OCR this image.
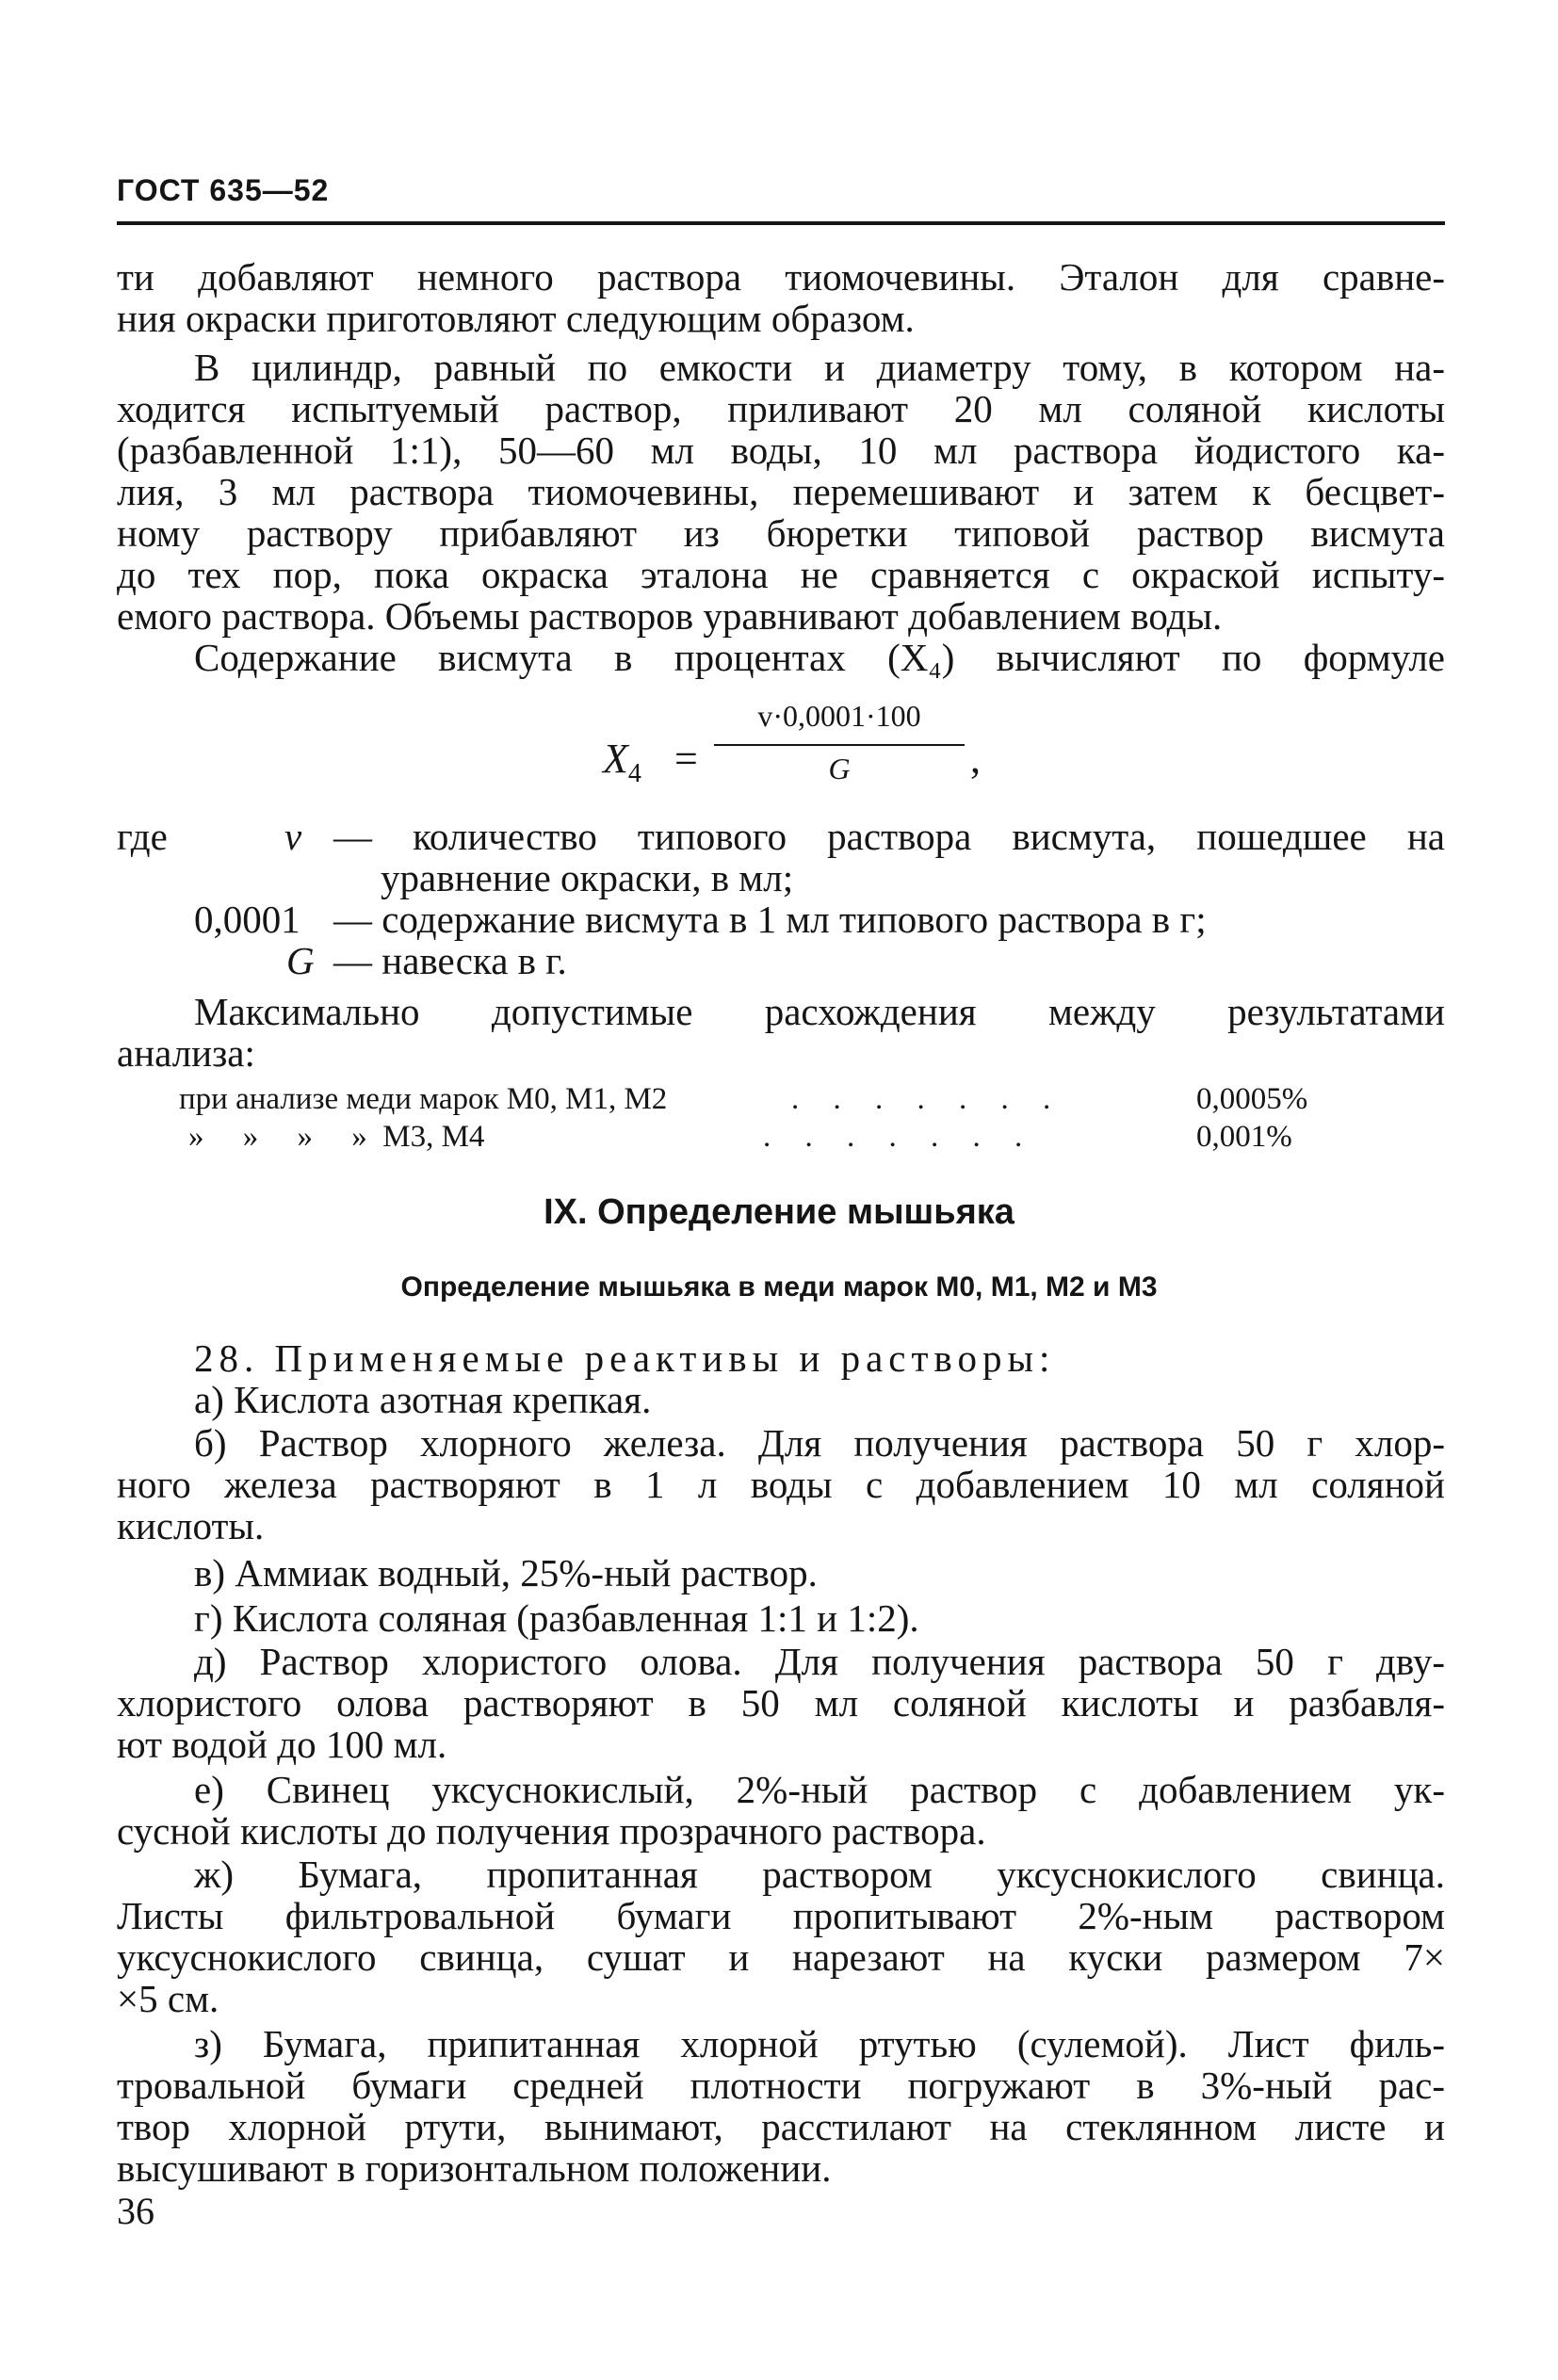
ГОСТ 635—52
ти добавляют немного раствора тиомочевины. Эталон для сравне-
ния окраски приготовляют следующим образом.
В цилиндр, равный по емкости и диаметру тому, в котором на-
ходится испытуемый раствор, приливают 20 мл соляной кислоты
(разбавленной 1:1), 50—60 мл воды, 10 мл раствора йодистого ка-
лия, 3 мл раствора тиомочевины, перемешивают и затем к бесцвет-
ному раствору прибавляют из бюретки типовой раствор висмута
до тех пор, пока окраска эталона не сравняется с окраской испыту-
емого раствора. Объемы растворов уравнивают добавлением воды.
Содержание висмута в процентах (X₄) вычисляют по формуле
$X_4$ =
v·0,0001·100
G	,
где	v — количество типового раствора висмута, пошедшее на
уравнение окраски, в мл;
0,0001 — содержание висмута в 1 мл типового раствора в г;
G — навеска в г.
Максимально допустимые расхождения между результатами
анализа:
при анализе меди марок М0, М1, М2	. . . . . . .	0,0005%
»     »     »     »  М3, М4	. . . . . . .	0,001%
IX. Определение мышьяка
Определение мышьяка в меди марок М0, М1, М2 и М3
28. Применяемые реактивы и растворы:
а) Кислота азотная крепкая.
б) Раствор хлорного железа. Для получения раствора 50 г хлор-
ного железа растворяют в 1 л воды с добавлением 10 мл соляной
кислоты.
в) Аммиак водный, 25%-ный раствор.
г) Кислота соляная (разбавленная 1:1 и 1:2).
д) Раствор хлористого олова. Для получения раствора 50 г дву-
хлористого олова растворяют в 50 мл соляной кислоты и разбавля-
ют водой до 100 мл.
е) Свинец уксуснокислый, 2%-ный раствор с добавлением ук-
сусной кислоты до получения прозрачного раствора.
ж) Бумага, пропитанная раствором уксуснокислого свинца.
Листы фильтровальной бумаги пропитывают 2%-ным раствором
уксуснокислого свинца, сушат и нарезают на куски размером 7×
×5 см.
з) Бумага, припитанная хлорной ртутью (сулемой). Лист филь-
тровальной бумаги средней плотности погружают в 3%-ный рас-
твор хлорной ртути, вынимают, расстилают на стеклянном листе и
высушивают в горизонтальном положении.
36
